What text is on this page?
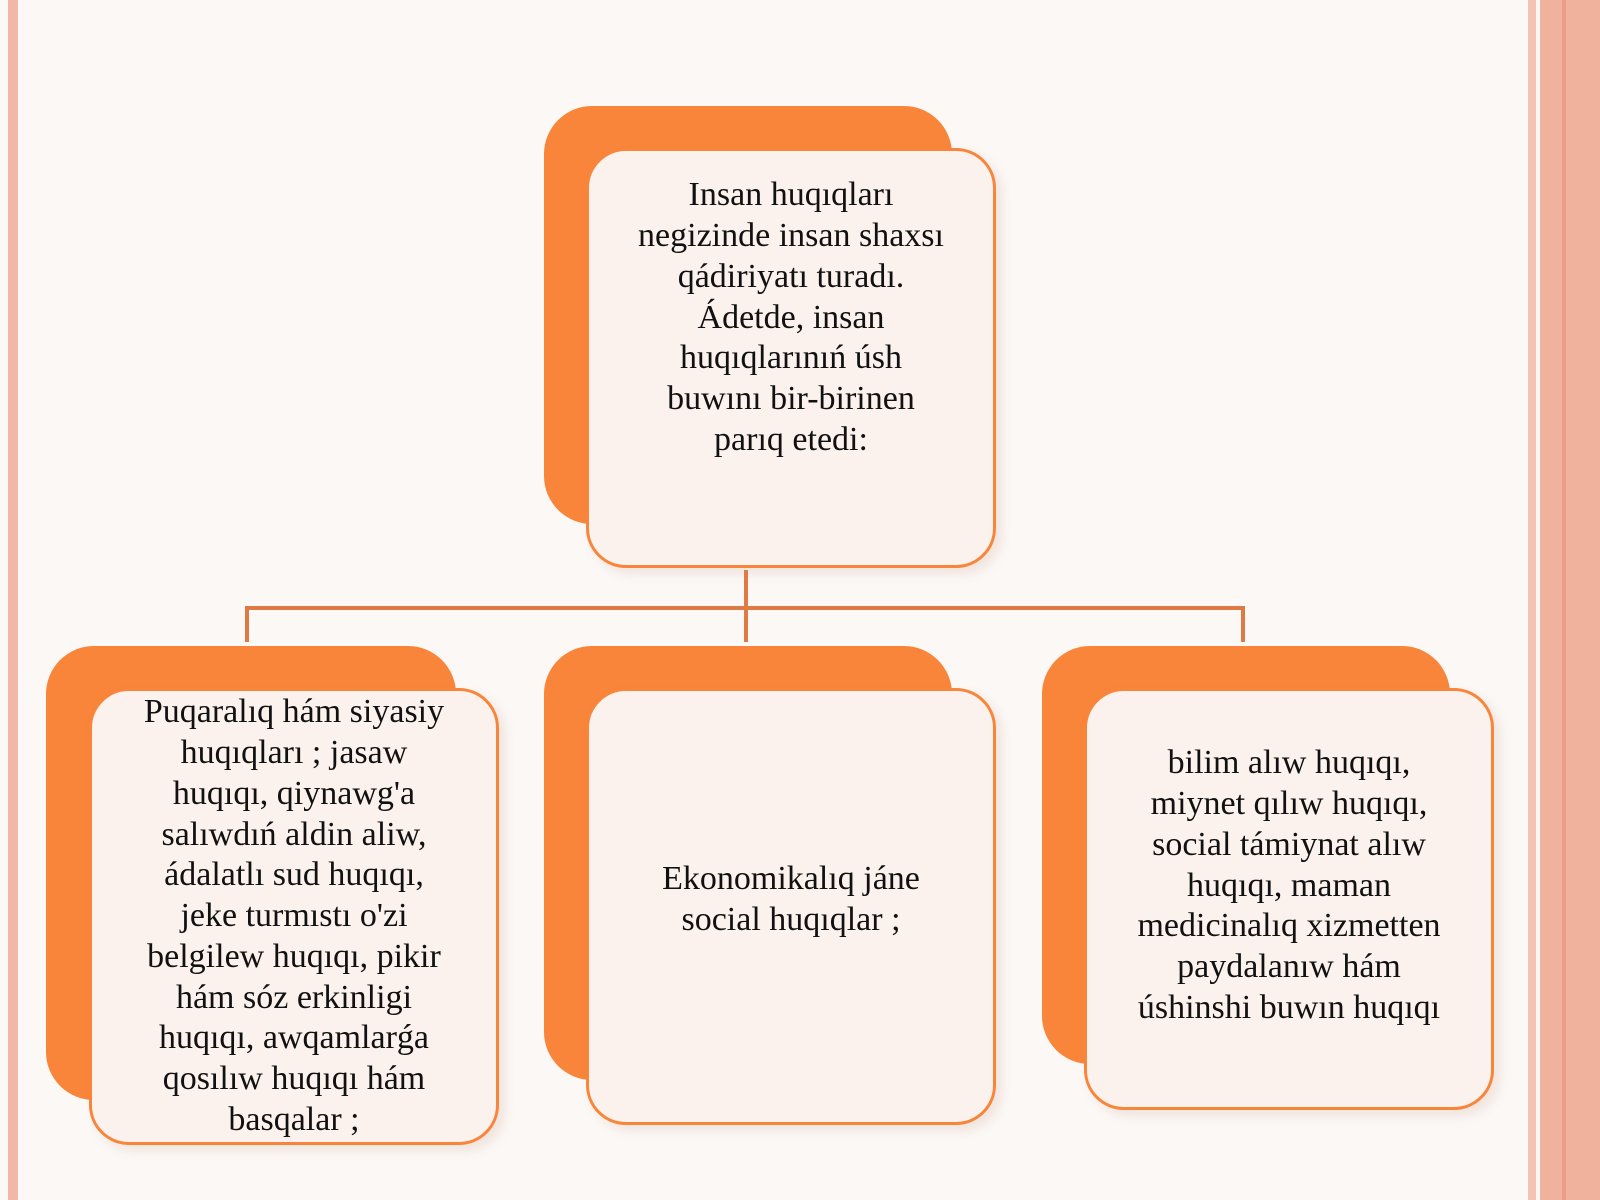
Insan huqıqları
negizinde insan shaxsı
qádiriyatı turadı.
Ádetde, insan
huqıqlarınıń úsh
buwını bir-birinen
parıq etedi:
Puqaralıq hám siyasiy
huqıqları ; jasaw
huqıqı, qiynawg'a
salıwdıń aldin aliw,
ádalatlı sud huqıqı,
jeke turmıstı o'zi
belgilew huqıqı, pikir
hám sóz erkinligi
huqıqı, awqamlarǵa
qosılıw huqıqı hám
basqalar ;
Ekonomikalıq jáne
social huqıqlar ;
bilim alıw huqıqı,
miynet qılıw huqıqı,
social támiynat alıw
huqıqı, maman
medicinalıq xizmetten
paydalanıw hám
úshinshi buwın huqıqı
